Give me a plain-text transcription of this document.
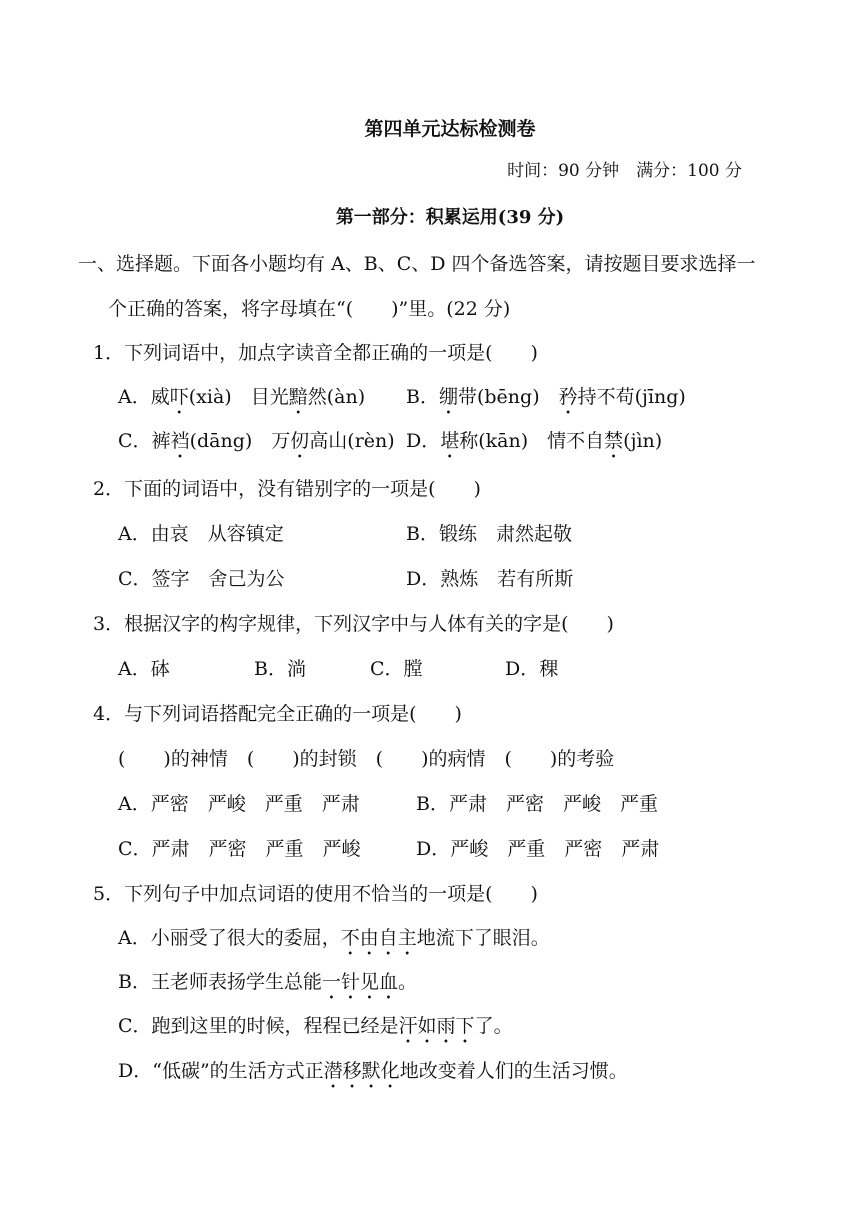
第四单元达标检测卷
时间：90 分钟　满分：100 分
第一部分：积累运用(39 分)
一、选择题。下面各小题均有 A、B、C、D 四个备选答案，请按题目要求选择一
个正确的答案，将字母填在“(　　)”里。(22 分)
1．下列词语中，加点字读音全都正确的一项是(　　)
A．威吓(xià)　目光黯然(àn) B．绷带(bēng)　矜持不苟(jīng)
C．裤裆(dāng)　万仞高山(rèn) D．堪称(kān)　情不自禁(jìn)
2．下面的词语中，没有错别字的一项是(　　)
A．由哀　从容镇定	B．锻练　肃然起敬
C．签字　舍己为公	D．熟炼　若有所斯
3．根据汉字的构字规律，下列汉字中与人体有关的字是(　　)
A．砵	B．淌	C．膛	D．稞
4．与下列词语搭配完全正确的一项是(　　)
(　　)的神情　(　　)的封锁　(　　)的病情　(　　)的考验
A．严密　严峻　严重　严肃	B．严肃　严密　严峻　严重
C．严肃　严密　严重　严峻	D．严峻　严重　严密　严肃
5．下列句子中加点词语的使用不恰当的一项是(　　)
A．小丽受了很大的委屈，不由自主地流下了眼泪。
B．王老师表扬学生总能一针见血。
C．跑到这里的时候，程程已经是汗如雨下了。
D．“低碳”的生活方式正潜移默化地改变着人们的生活习惯。
